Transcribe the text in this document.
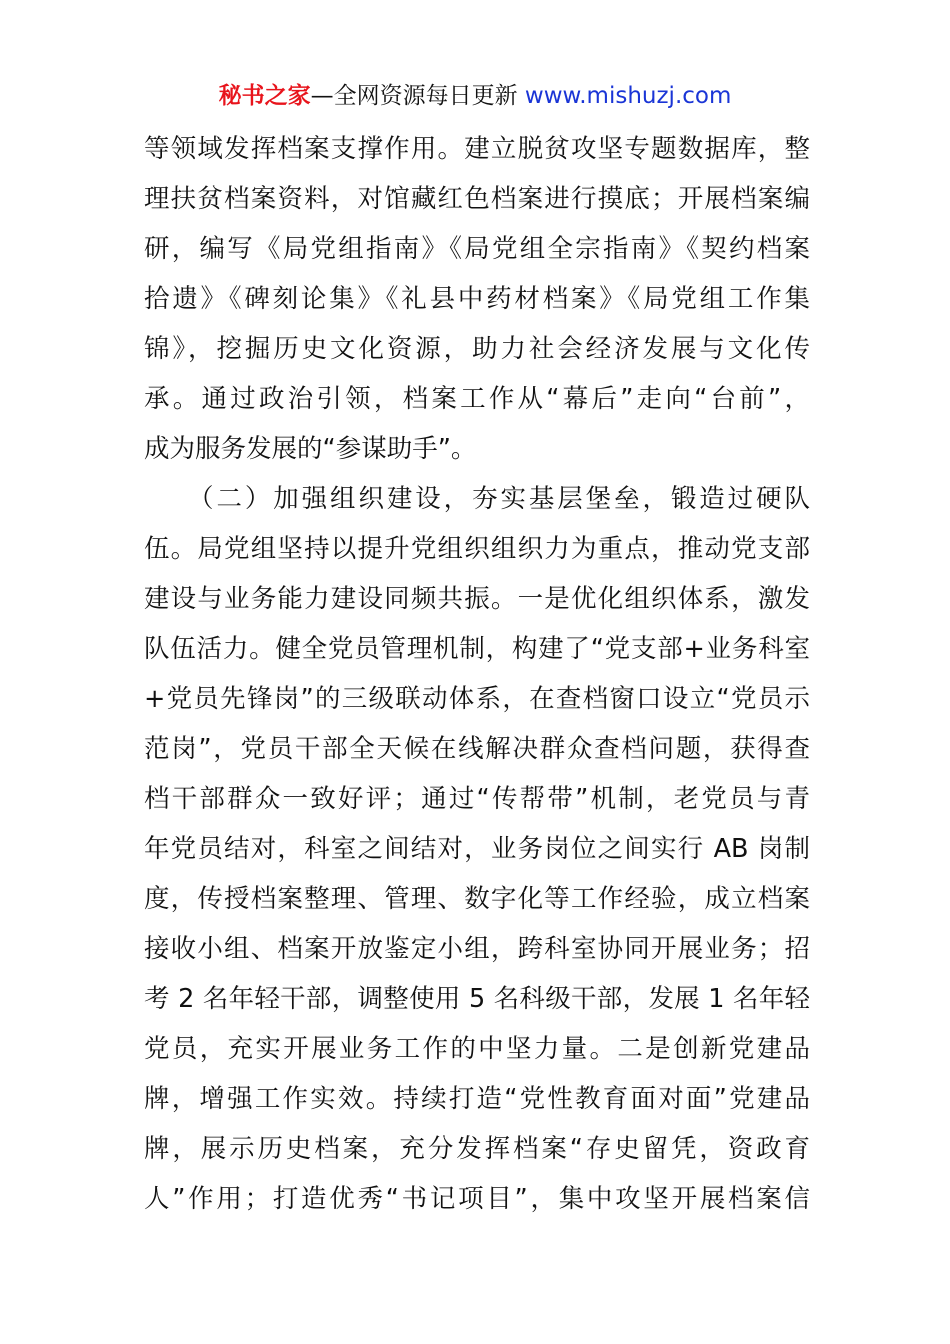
秘书之家—全网资源每日更新 www.mishuzj.com
等领域发挥档案支撑作用。建立脱贫攻坚专题数据库，整
理扶贫档案资料，对馆藏红色档案进行摸底；开展档案编
研，编写《局党组指南》《局党组全宗指南》《契约档案
拾遗》《碑刻论集》《礼县中药材档案》《局党组工作集
锦》，挖掘历史文化资源，助力社会经济发展与文化传
承。通过政治引领，档案工作从“幕后”走向“台前”，
成为服务发展的“参谋助手”。
　　（二）加强组织建设，夯实基层堡垒，锻造过硬队
伍。局党组坚持以提升党组织组织力为重点，推动党支部
建设与业务能力建设同频共振。一是优化组织体系，激发
队伍活力。健全党员管理机制，构建了“党支部+业务科室
+党员先锋岗”的三级联动体系，在查档窗口设立“党员示
范岗”，党员干部全天候在线解决群众查档问题，获得查
档干部群众一致好评；通过“传帮带”机制，老党员与青
年党员结对，科室之间结对，业务岗位之间实行 AB 岗制
度，传授档案整理、管理、数字化等工作经验，成立档案
接收小组、档案开放鉴定小组，跨科室协同开展业务；招
考 2 名年轻干部，调整使用 5 名科级干部，发展 1 名年轻
党员，充实开展业务工作的中坚力量。二是创新党建品
牌，增强工作实效。持续打造“党性教育面对面”党建品
牌，展示历史档案，充分发挥档案“存史留凭，资政育
人”作用；打造优秀“书记项目”，集中攻坚开展档案信
